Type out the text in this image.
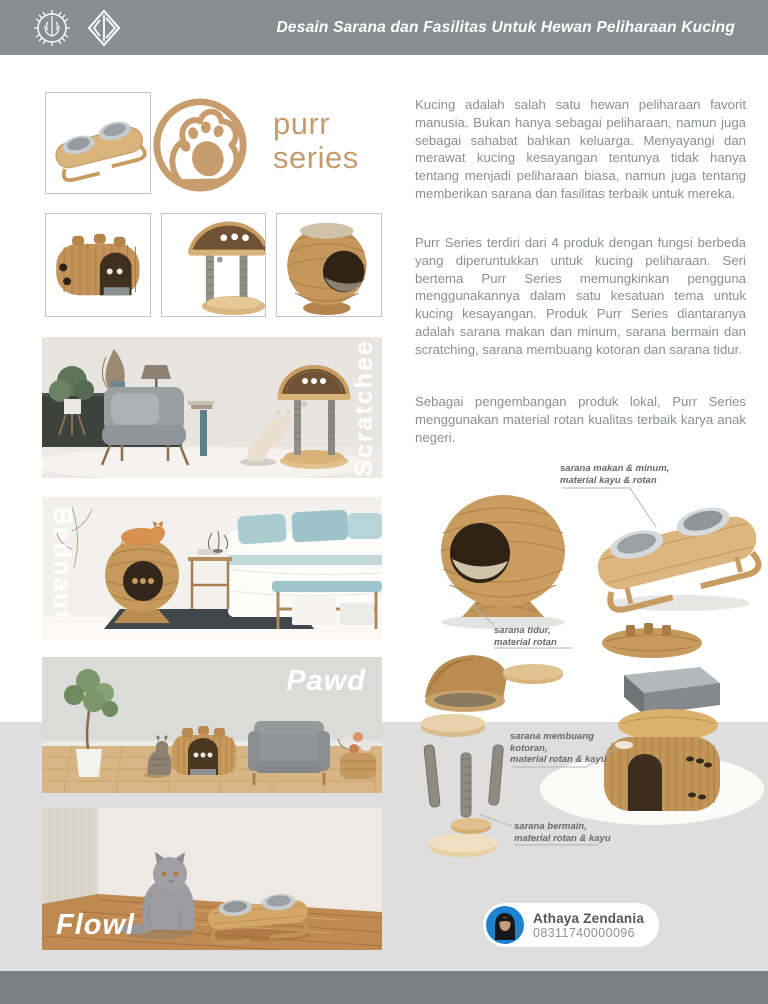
Desain Sarana dan Fasilitas Untuk Hewan Peliharaan Kucing
purr
series
Scratchee
Bednaut
Pawd
Flowl

Kucing adalah salah satu hewan peliharaan favorit manusia. Bukan hanya sebagai peliharaan, namun juga sebagai sahabat bahkan keluarga. Menyayangi dan merawat kucing kesayangan tentunya tidak hanya tentang menjadi peliharaan biasa, namun juga tentang memberikan sarana dan fasilitas terbaik untuk mereka.

Purr Series terdiri dari 4 produk dengan fungsi berbeda yang diperuntukkan untuk kucing peliharaan. Seri bertema Purr Series memungkinkan pengguna menggunakannya dalam satu kesatuan tema untuk kucing kesayangan. Produk Purr Series diantaranya adalah sarana makan dan minum, sarana bermain dan scratching, sarana membuang kotoran dan sarana tidur.

Sebagai pengembangan produk lokal, Purr Series menggunakan material rotan kualitas terbaik karya anak negeri.

sarana makan & minum,
material kayu & rotan
sarana tidur,
material rotan
sarana membuang
kotoran,
material rotan & kayu
sarana bermain,
material rotan & kayu
Athaya Zendania
08311740000096
